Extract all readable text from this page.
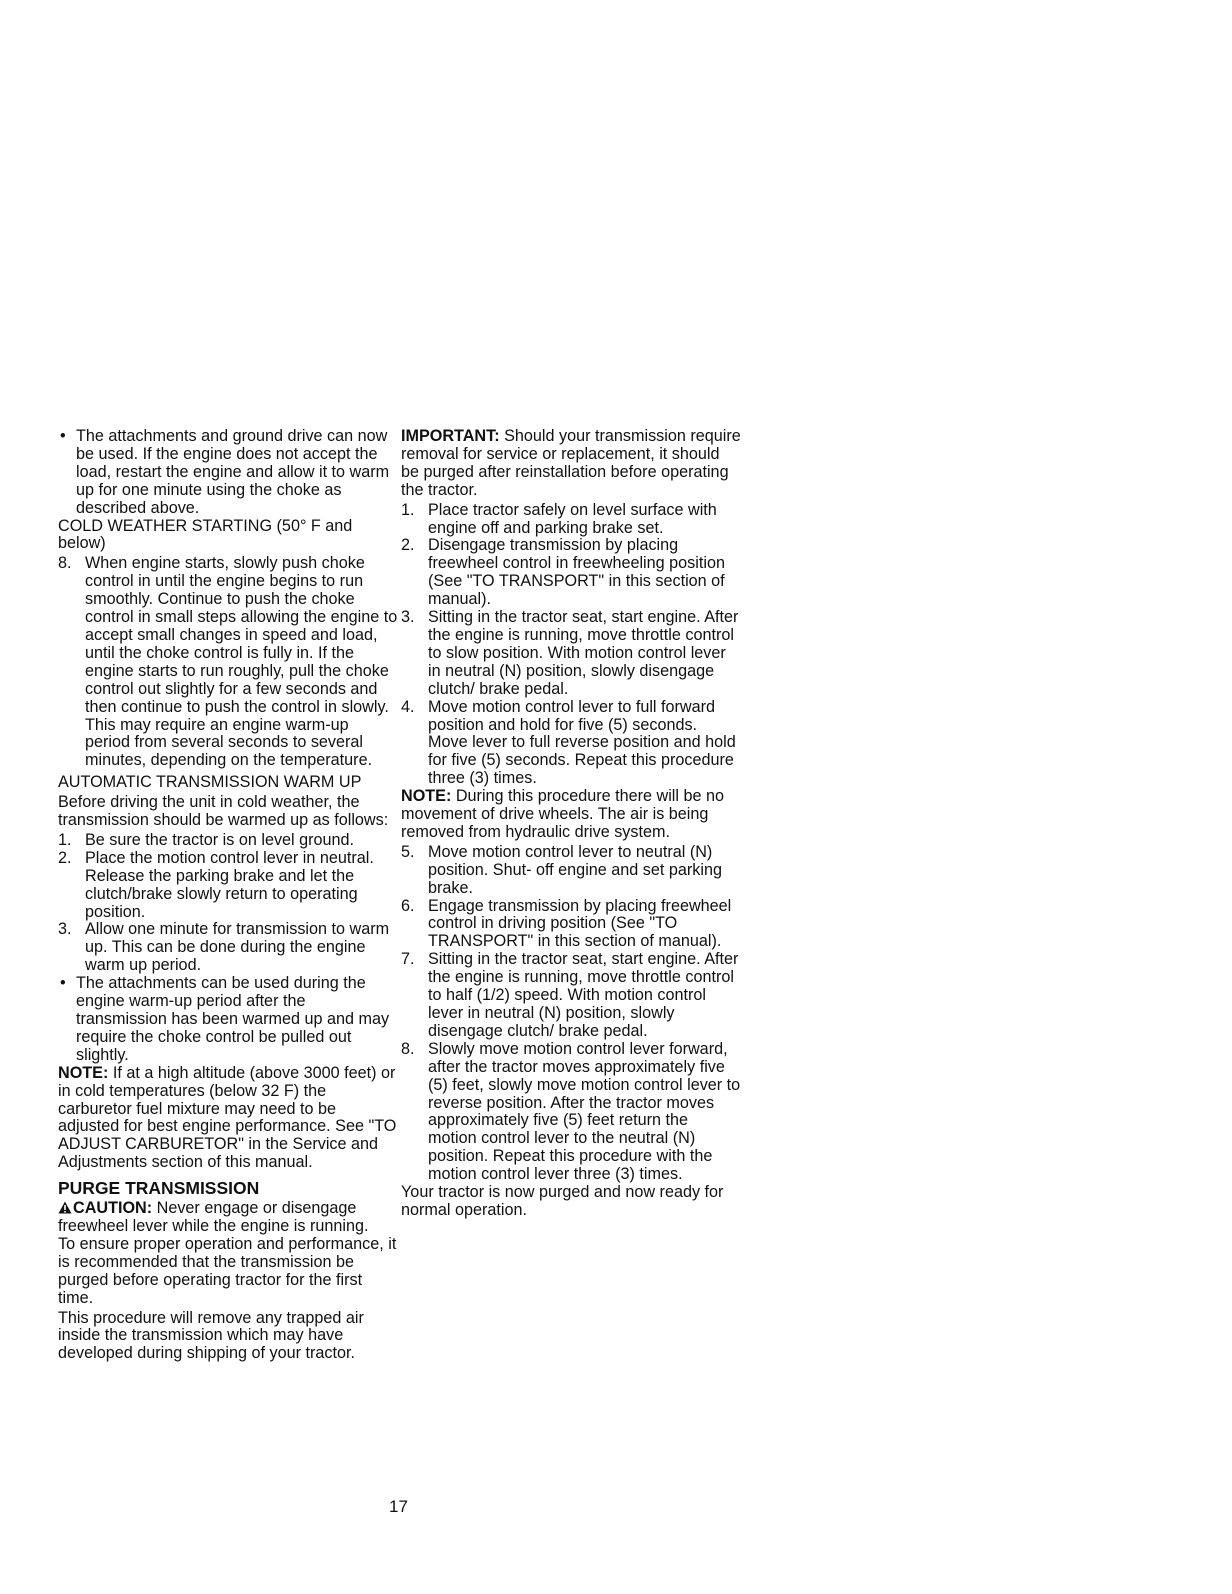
• The attachments and ground drive can now be used. If the engine does not accept the load, restart the engine and allow it to warm up for one minute using the choke as described above.
COLD WEATHER STARTING (50° F and below)
8. When engine starts, slowly push choke control in until the engine begins to run smoothly. Continue to push the choke control in small steps allowing the engine to accept small changes in speed and load, until the choke control is fully in. If the engine starts to run roughly, pull the choke control out slightly for a few seconds and then continue to push the control in slowly. This may require an engine warm-up period from several seconds to several minutes, depending on the temperature.
AUTOMATIC TRANSMISSION WARM UP
Before driving the unit in cold weather, the transmission should be warmed up as follows:
1. Be sure the tractor is on level ground.
2. Place the motion control lever in neutral. Release the parking brake and let the clutch/brake slowly return to operating position.
3. Allow one minute for transmission to warm up. This can be done during the engine warm up period.
• The attachments can be used during the engine warm-up period after the transmission has been warmed up and may require the choke control be pulled out slightly.
NOTE: If at a high altitude (above 3000 feet) or in cold temperatures (below 32 F) the carburetor fuel mixture may need to be adjusted for best engine performance. See "TO ADJUST CARBURETOR" in the Service and Adjustments section of this manual.
PURGE TRANSMISSION
CAUTION: Never engage or disengage freewheel lever while the engine is running.
To ensure proper operation and performance, it is recommended that the transmission be purged before operating tractor for the first time.
This procedure will remove any trapped air inside the transmission which may have developed during shipping of your tractor.
IMPORTANT: Should your transmission require removal for service or replacement, it should be purged after reinstallation before operating the tractor.
1. Place tractor safely on level surface with engine off and parking brake set.
2. Disengage transmission by placing freewheel control in freewheeling position (See "TO TRANSPORT" in this section of manual).
3. Sitting in the tractor seat, start engine. After the engine is running, move throttle control to slow position. With motion control lever in neutral (N) position, slowly disengage clutch/ brake pedal.
4. Move motion control lever to full forward position and hold for five (5) seconds. Move lever to full reverse position and hold for five (5) seconds. Repeat this procedure three (3) times.
NOTE: During this procedure there will be no movement of drive wheels. The air is being removed from hydraulic drive system.
5. Move motion control lever to neutral (N) position. Shut- off engine and set parking brake.
6. Engage transmission by placing freewheel control in driving position (See "TO TRANSPORT" in this section of manual).
7. Sitting in the tractor seat, start engine. After the engine is running, move throttle control to half (1/2) speed. With motion control lever in neutral (N) position, slowly disengage clutch/ brake pedal.
8. Slowly move motion control lever forward, after the tractor moves approximately five (5) feet, slowly move motion control lever to reverse position. After the tractor moves approximately five (5) feet return the motion control lever to the neutral (N) position. Repeat this procedure with the motion control lever three (3) times.
Your tractor is now purged and now ready for normal operation.
17
